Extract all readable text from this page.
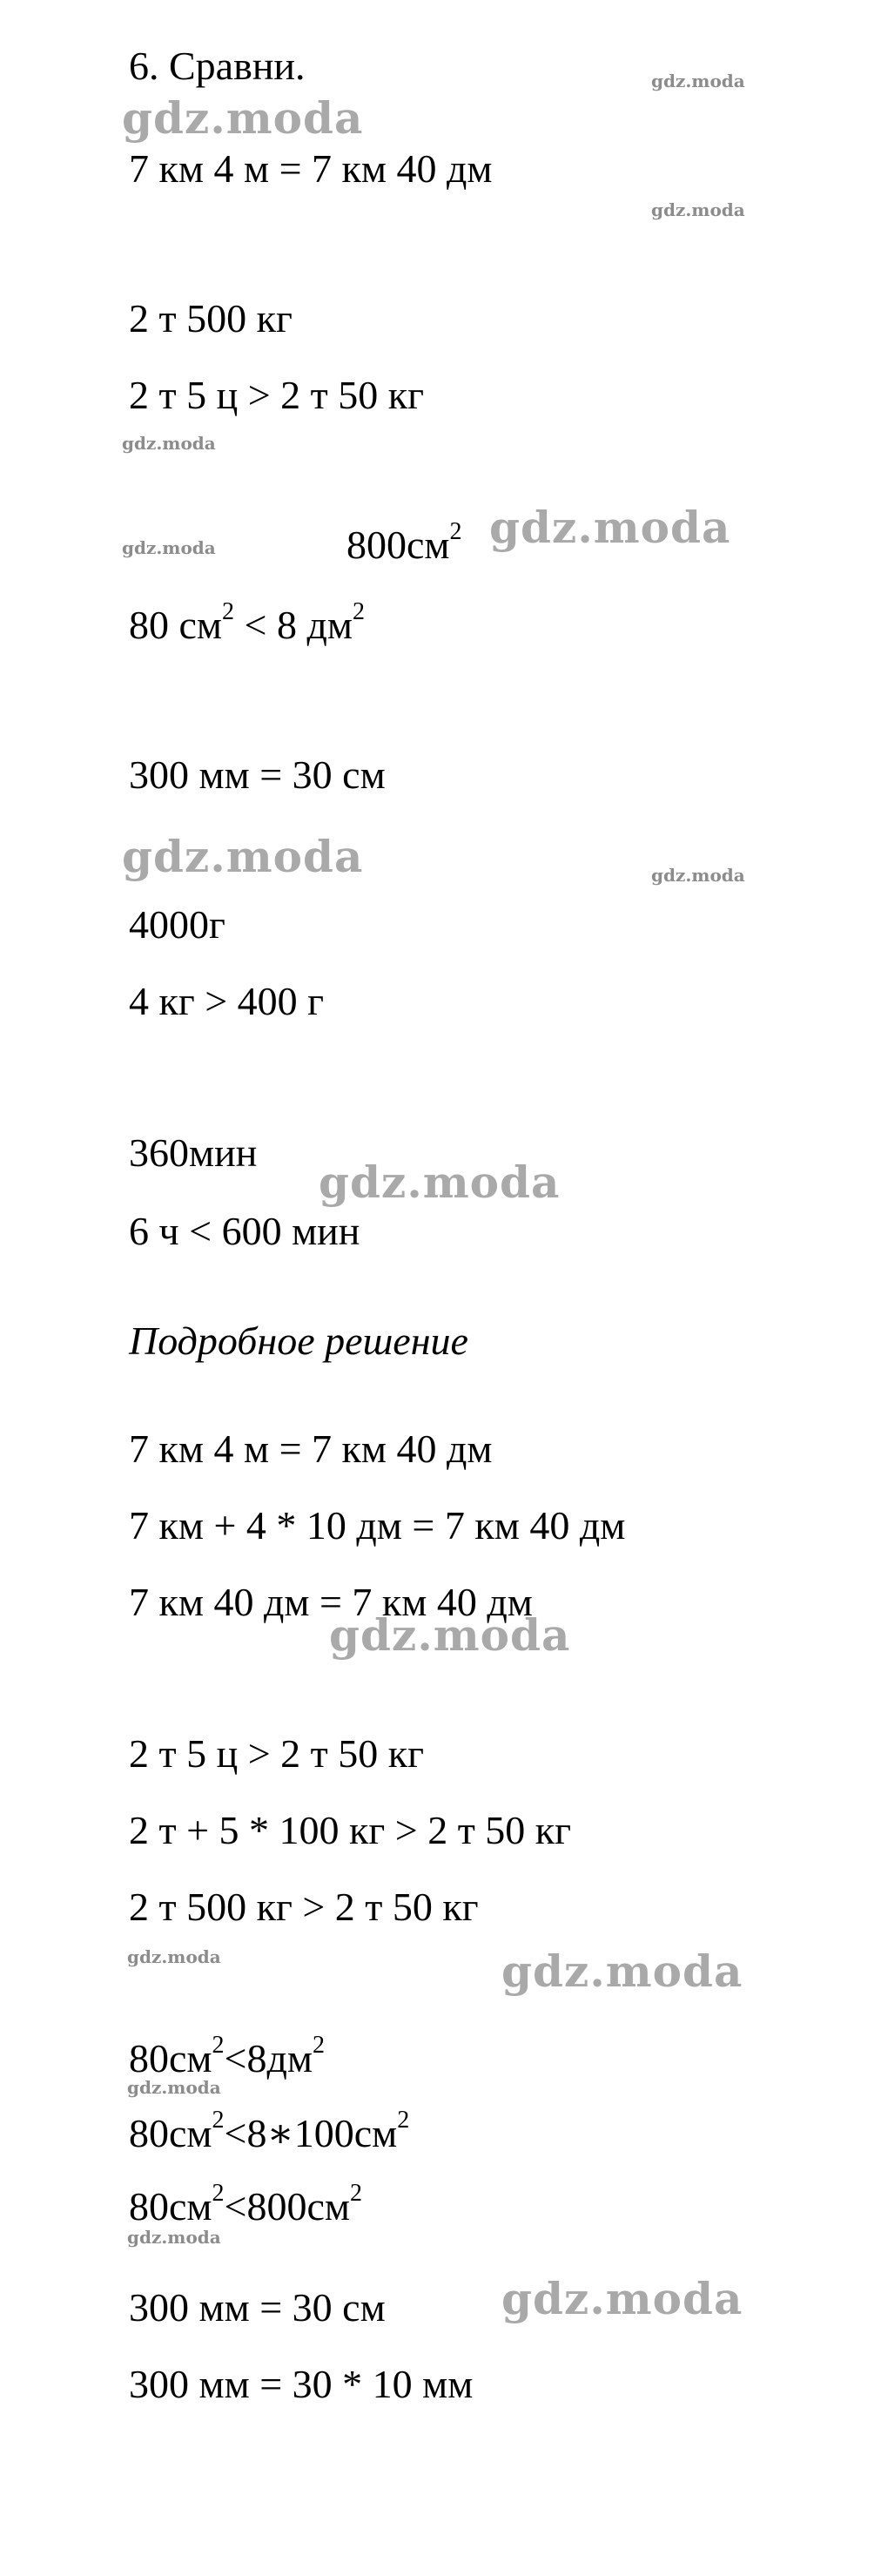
gdz.moda
gdz.moda
gdz.moda
gdz.moda
gdz.moda	gdz.moda
gdz.moda	gdz.moda
gdz.moda
gdz.moda
gdz.moda	gdz.moda
gdz.moda
gdz.moda
gdz.moda
6. Сравни.
7 км 4 м = 7 км 40 дм
2 т 500 кг
2 т 5 ц > 2 т 50 кг
$800см^2$
80 $см^2 < 8$ $дм^2$
300 мм = 30 см
4000г
4 кг > 400 г
360мин
6 ч < 600 мин
Подробное решение
7 км 4 м = 7 км 40 дм
7 км + 4 * 10 дм = 7 км 40 дм
7 км 40 дм = 7 км 40 дм
2 т 5 ц > 2 т 50 кг
2 т + 5 * 100 кг > 2 т 50 кг
2 т 500 кг > 2 т 50 кг
$80см^2<8дм^2$
$80см^2<8∗100см^2$
$80см^2<800см^2$
300 мм = 30 см
300 мм = 30 * 10 мм
